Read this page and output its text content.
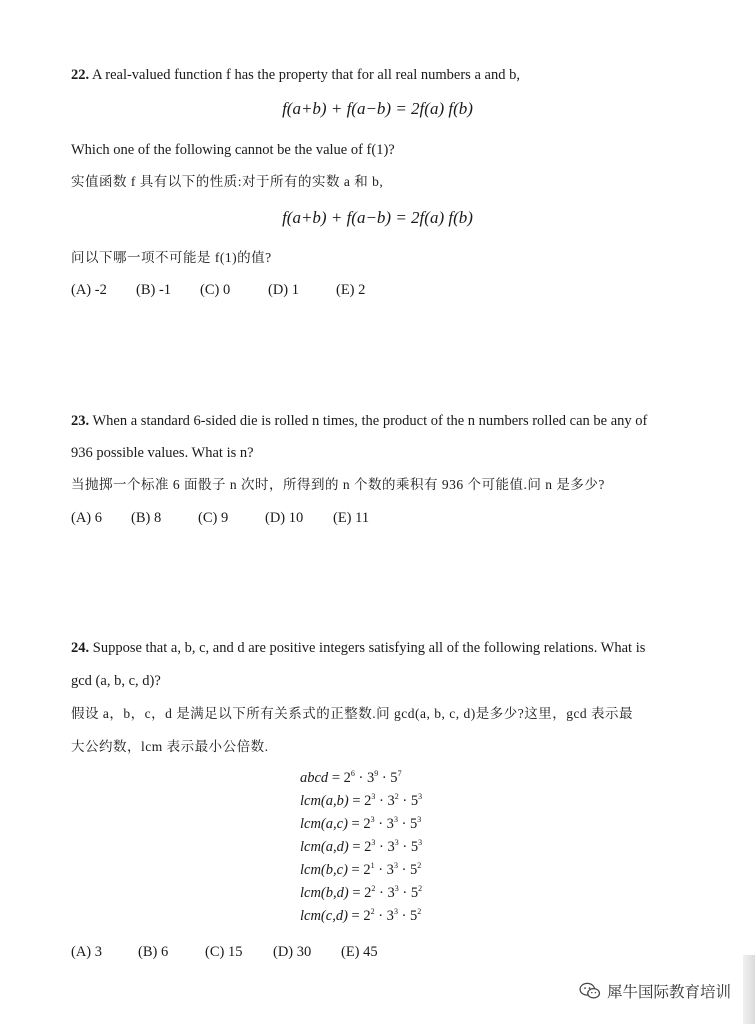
22. A real-valued function f has the property that for all real numbers a and b,
f(a+b) + f(a−b) = 2f(a) f(b)
Which one of the following cannot be the value of f(1)?
实值函数 f 具有以下的性质:对于所有的实数 a 和 b,
f(a+b) + f(a−b) = 2f(a) f(b)
问以下哪一项不可能是 f(1)的值?
(A) -2 (B) -1 (C) 0	(D) 1	(E) 2
23. When a standard 6-sided die is rolled n times, the product of the n numbers rolled can be any of
936 possible values. What is n?
当抛掷一个标准 6 面骰子 n 次时，所得到的 n 个数的乘积有 936 个可能值.问 n 是多少?
(A) 6 (B) 8	(C) 9	(D) 10 (E) 11
24. Suppose that a, b, c, and d are positive integers satisfying all of the following relations. What is
gcd (a, b, c, d)?
假设 a，b，c，d 是满足以下所有关系式的正整数.问 gcd(a, b, c, d)是多少?这里，gcd 表示最
大公约数，lcm 表示最小公倍数.
abcd = $2^6 \cdot 3^9 \cdot 5^7$
$lcm(a,b) = 2^3 \cdot 3^2 \cdot 5^3$
$lcm(a,c) = 2^3 \cdot 3^3 \cdot 5^3$
$lcm(a,d) = 2^3 \cdot 3^3 \cdot 5^3$
$lcm(b,c) = 2^1 \cdot 3^3 \cdot 5^2$
$lcm(b,d) = 2^2 \cdot 3^3 \cdot 5^2$
$lcm(c,d) = 2^2 \cdot 3^3 \cdot 5^2$
(A) 3 (B) 6	(C) 15 (D) 30 (E) 45
犀牛国际教育培训
